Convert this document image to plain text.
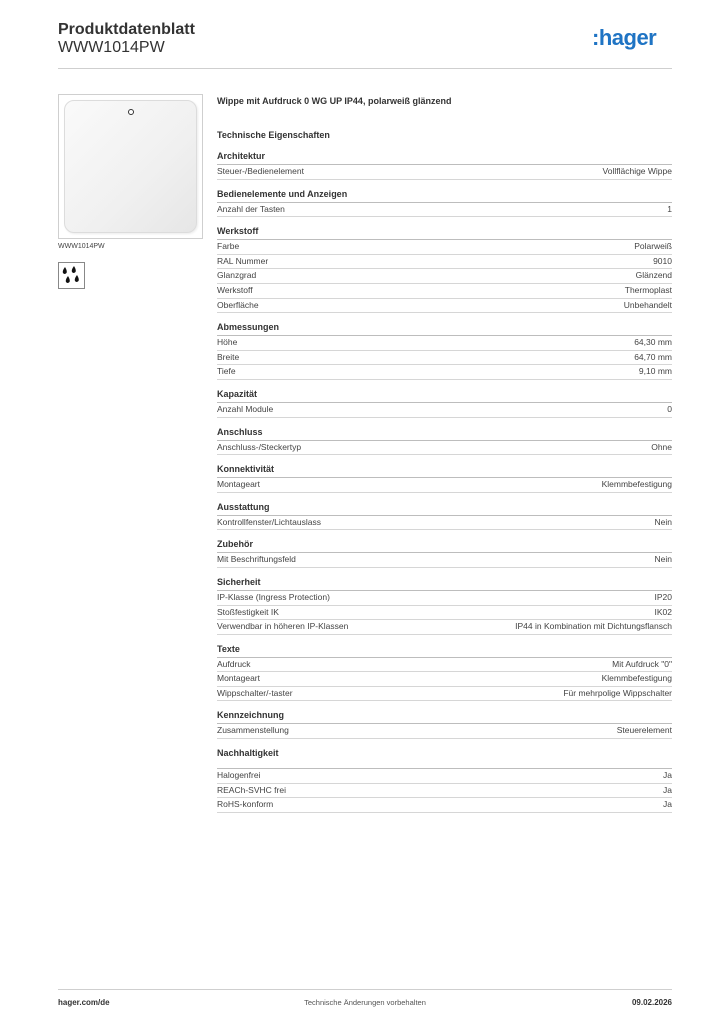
Produktdatenblatt
WWW1014PW	:hager
WWW1014PW
Wippe mit Aufdruck 0 WG UP IP44, polarweiß glänzend
Technische Eigenschaften
Architektur
Steuer-/Bedienelement	Vollflächige Wippe
Bedienelemente und Anzeigen
Anzahl der Tasten	1
Werkstoff
Farbe	Polarweiß
RAL Nummer	9010
Glanzgrad	Glänzend
Werkstoff	Thermoplast
Oberfläche	Unbehandelt
Abmessungen
Höhe	64,30 mm
Breite	64,70 mm
Tiefe	9,10 mm
Kapazität
Anzahl Module	0
Anschluss
Anschluss-/Steckertyp	Ohne
Konnektivität
Montageart	Klemmbefestigung
Ausstattung
Kontrollfenster/Lichtauslass	Nein
Zubehör
Mit Beschriftungsfeld	Nein
Sicherheit
IP-Klasse (Ingress Protection)	IP20
Stoßfestigkeit IK	IK02
Verwendbar in höheren IP-Klassen	IP44 in Kombination mit Dichtungsflansch
Texte
Aufdruck	Mit Aufdruck "0"
Montageart	Klemmbefestigung
Wippschalter/-taster	Für mehrpolige Wippschalter
Kennzeichnung
Zusammenstellung	Steuerelement
Nachhaltigkeit
Halogenfrei	Ja
REACh-SVHC frei	Ja
RoHS-konform	Ja
hager.com/de	Technische Änderungen vorbehalten	09.02.2026
